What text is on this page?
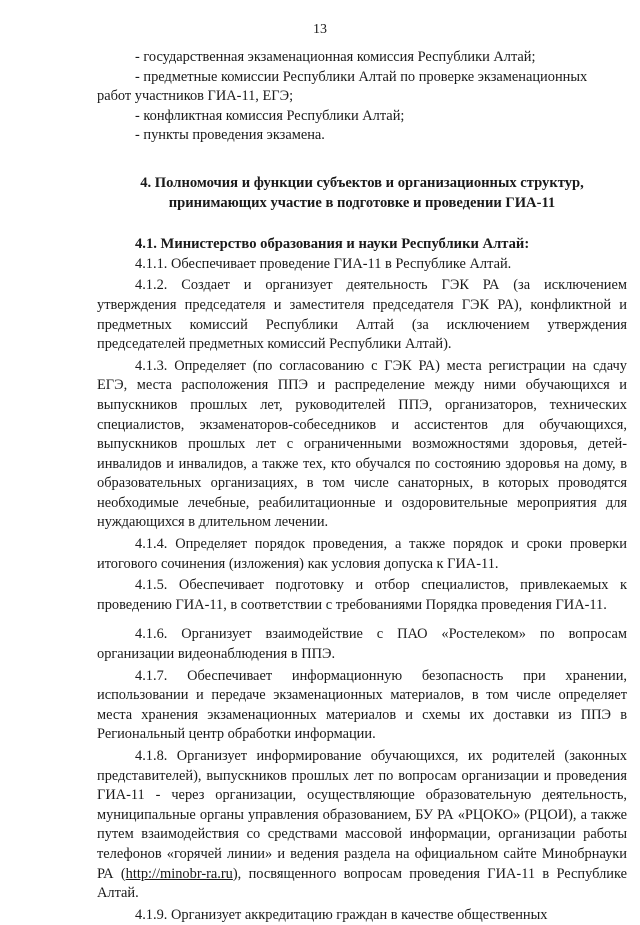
13

- государственная экзаменационная комиссия Республики Алтай;

- предметные комиссии Республики Алтай по проверке экзаменационных

работ участников ГИА-11, ЕГЭ;

- конфликтная комиссия Республики Алтай;

- пункты проведения экзамена.

4. Полномочия и функции субъектов и организационных структур,
принимающих участие в подготовке и проведении ГИА-11

4.1. Министерство образования и науки Республики Алтай:

4.1.1. Обеспечивает проведение ГИА-11 в Республике Алтай.

4.1.2. Создает и организует деятельность ГЭК РА (за исключением утверждения председателя и заместителя председателя ГЭК РА), конфликтной и предметных комиссий Республики Алтай (за исключением утверждения председателей предметных комиссий Республики Алтай).

4.1.3. Определяет (по согласованию с ГЭК РА) места регистрации на сдачу ЕГЭ, места расположения ППЭ и распределение между ними обучающихся и выпускников прошлых лет, руководителей ППЭ, организаторов, технических специалистов, экзаменаторов-собеседников и ассистентов для обучающихся, выпускников прошлых лет с ограниченными возможностями здоровья, детей-инвалидов и инвалидов, а также тех, кто обучался по состоянию здоровья на дому, в образовательных организациях, в том числе санаторных, в которых проводятся необходимые лечебные, реабилитационные и оздоровительные мероприятия для нуждающихся в длительном лечении.

4.1.4. Определяет порядок проведения, а также порядок и сроки проверки итогового сочинения (изложения) как условия допуска к ГИА-11.

4.1.5. Обеспечивает подготовку и отбор специалистов, привлекаемых к проведению ГИА-11, в соответствии с требованиями Порядка проведения ГИА-11.

4.1.6. Организует взаимодействие с ПАО «Ростелеком» по вопросам организации видеонаблюдения в ППЭ.

4.1.7. Обеспечивает информационную безопасность при хранении, использовании и передаче экзаменационных материалов, в том числе определяет места хранения экзаменационных материалов и схемы их доставки из ППЭ в Региональный центр обработки информации.

4.1.8. Организует информирование обучающихся, их родителей (законных представителей), выпускников прошлых лет по вопросам организации и проведения ГИА-11 - через организации, осуществляющие образовательную деятельность, муниципальные органы управления образованием, БУ РА «РЦОКО» (РЦОИ), а также путем взаимодействия со средствами массовой информации, организации работы телефонов «горячей линии» и ведения раздела на официальном сайте Минобрнауки РА (http://minobr-ra.ru), посвященного вопросам проведения ГИА-11 в Республике Алтай.

4.1.9. Организует аккредитацию граждан в качестве общественных
